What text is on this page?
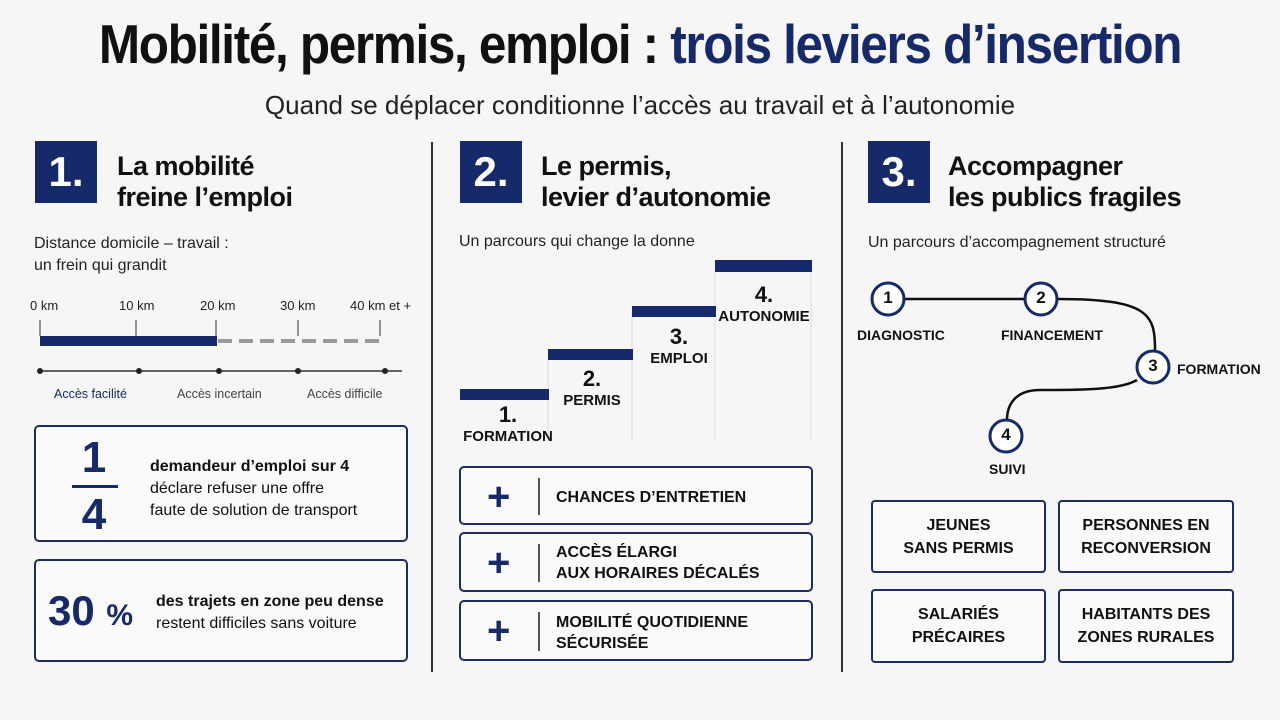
Mobilité, permis, emploi : trois leviers d’insertion
Quand se déplacer conditionne l’accès au travail et à l’autonomie
1.	La mobilité
freine l’emploi
Distance domicile – travail :
un frein qui grandit
0 km	10 km	20 km	30 km	40 km et +
Accès facilité	Accès incertain	Accès difficile
1
4
demandeur d’emploi sur 4
déclare refuser une offre
faute de solution de transport
30 % des trajets en zone peu dense
restent difficiles sans voiture
2.	Le permis,
levier d’autonomie
Un parcours qui change la donne
1.
FORMATION
2.
PERMIS
3.
EMPLOI
4.
AUTONOMIE
+	CHANCES D’ENTRETIEN
+	ACCÈS ÉLARGI
AUX HORAIRES DÉCALÉS
+	MOBILITÉ QUOTIDIENNE
SÉCURISÉE
3.	Accompagner
les publics fragiles
Un parcours d’accompagnement structuré
1	2
3
4
DIAGNOSTIC	FINANCEMENT
FORMATION
SUIVI
JEUNES
SANS PERMIS
PERSONNES EN
RECONVERSION
SALARIÉS
PRÉCAIRES
HABITANTS DES
ZONES RURALES
